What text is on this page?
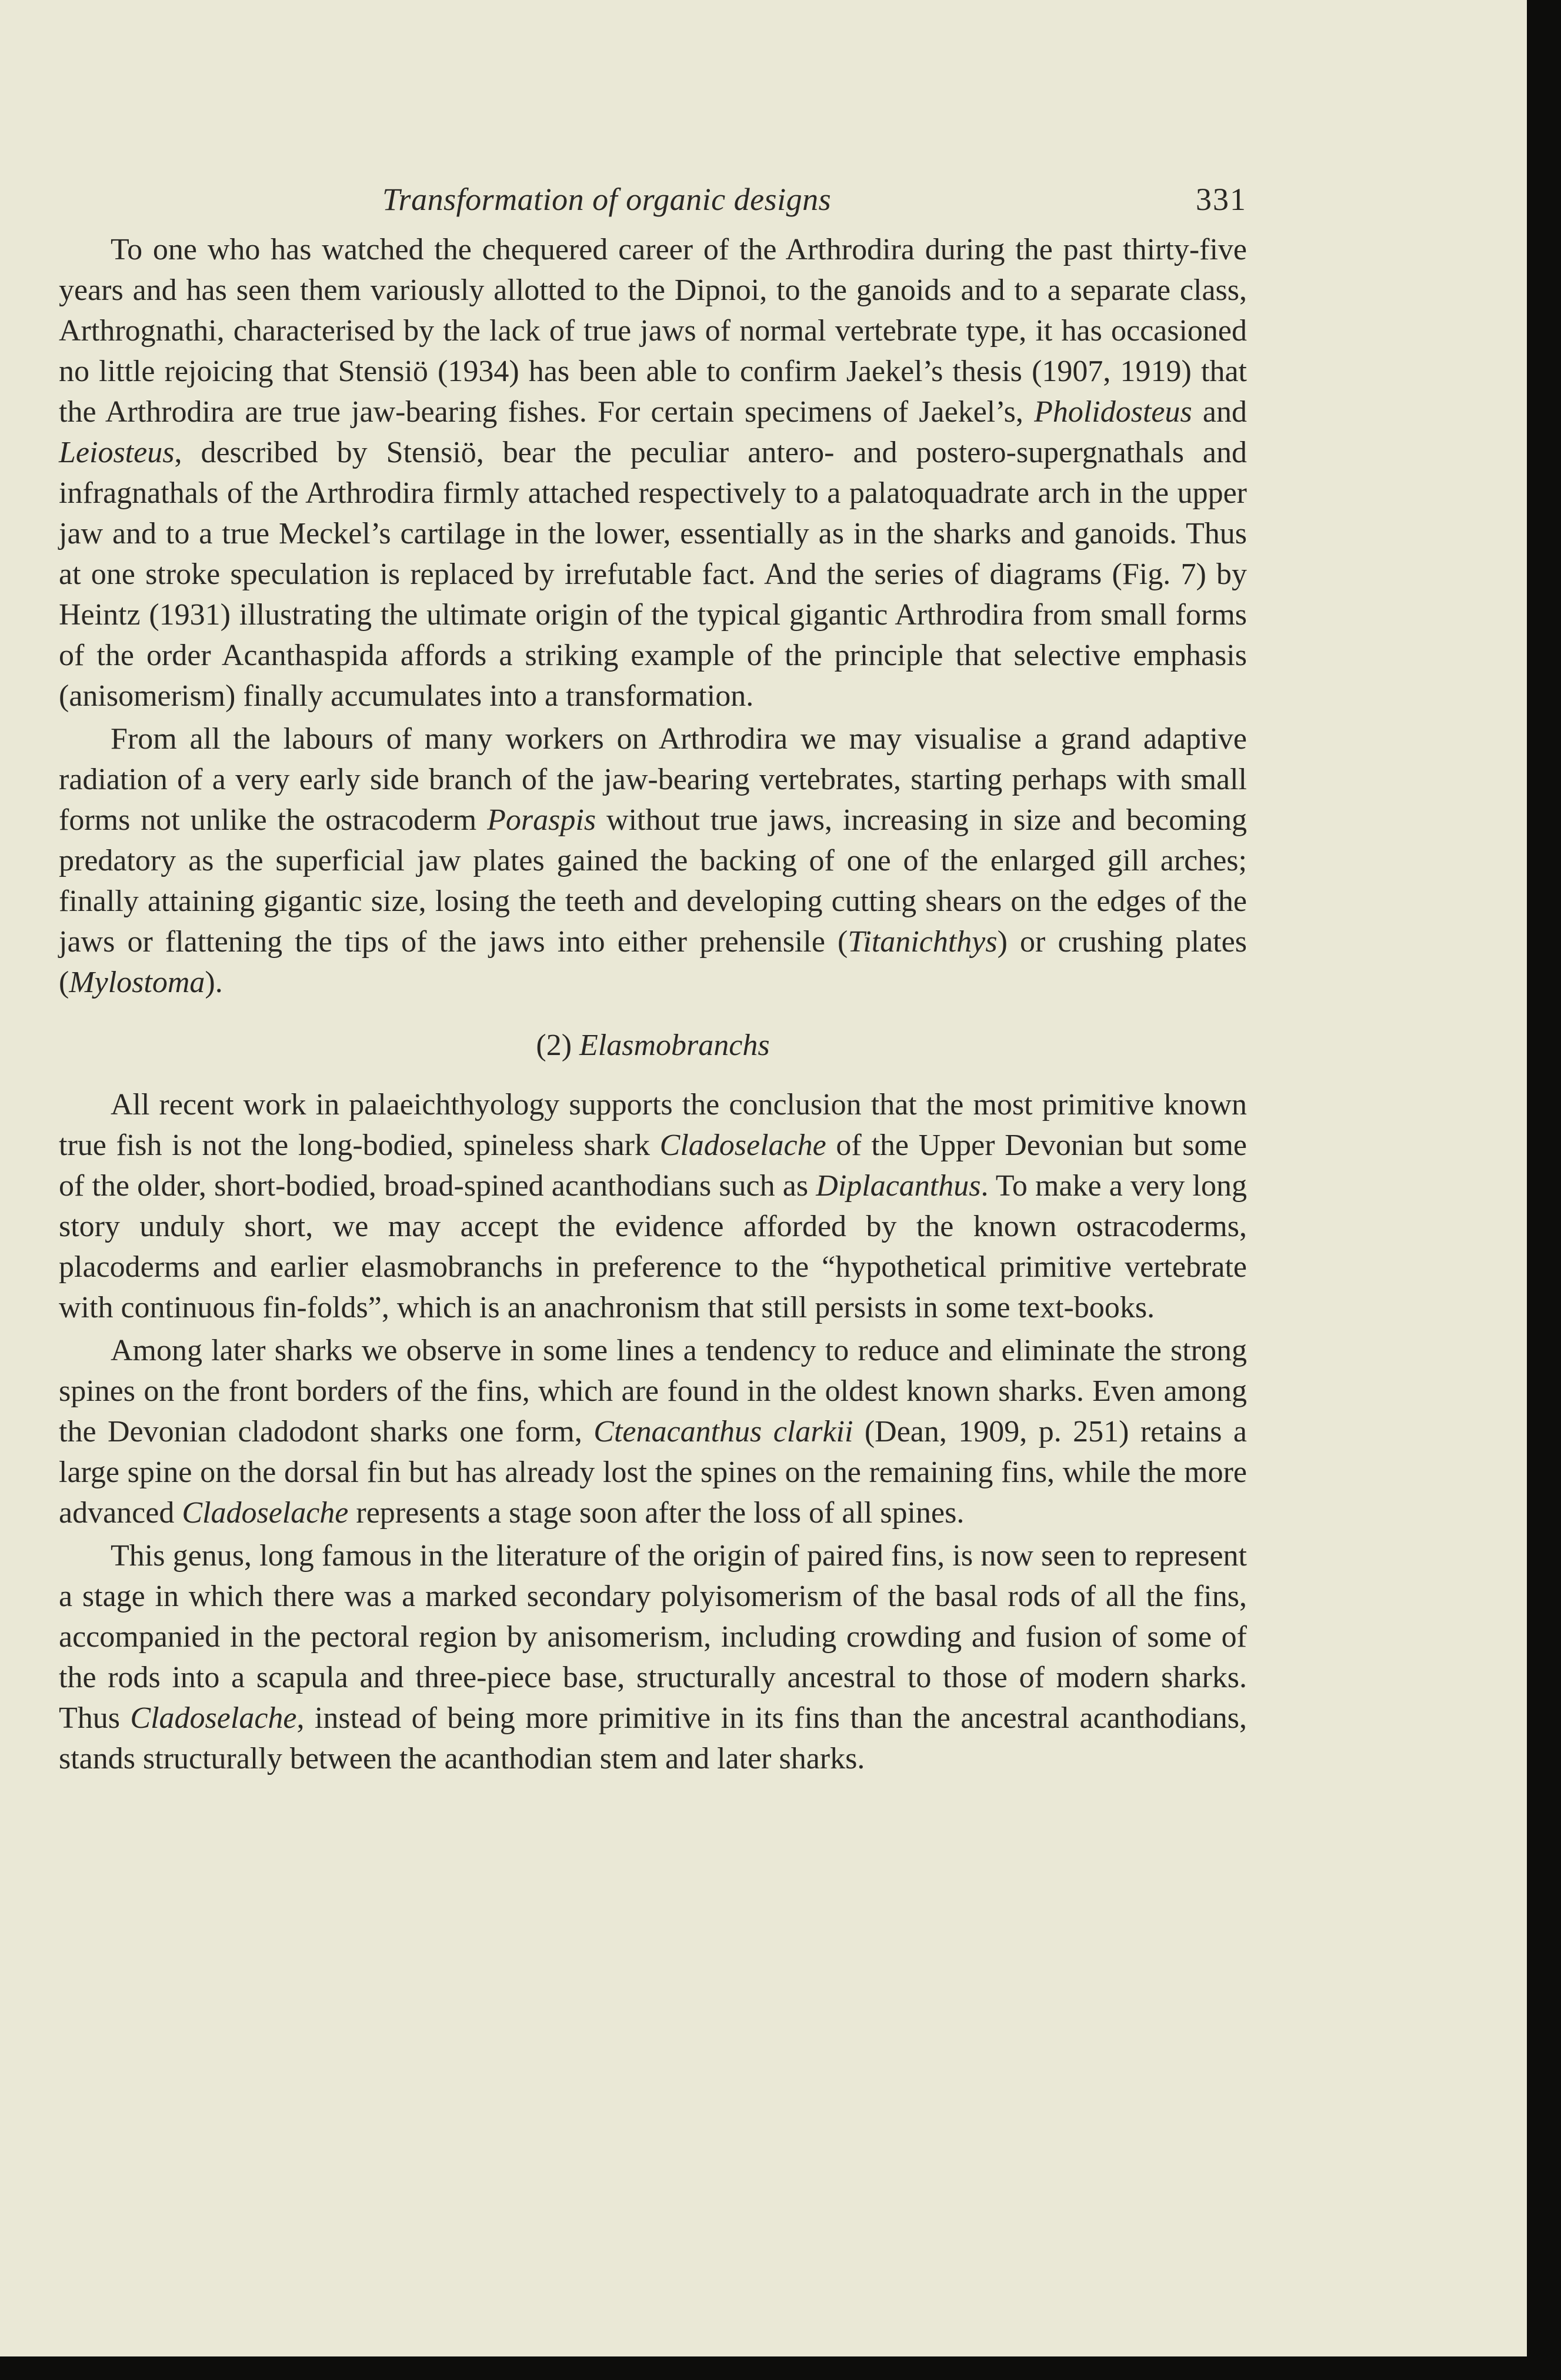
Transformation of organic designs	331

To one who has watched the chequered career of the Arthrodira during the past thirty-five years and has seen them variously allotted to the Dipnoi, to the ganoids and to a separate class, Arthrognathi, characterised by the lack of true jaws of normal vertebrate type, it has occasioned no little rejoicing that Stensiö (1934) has been able to confirm Jaekel’s thesis (1907, 1919) that the Arthrodira are true jaw-bearing fishes. For certain specimens of Jaekel’s, Pholidosteus and Leiosteus, described by Stensiö, bear the peculiar antero- and postero-supergnathals and infragnathals of the Arthrodira firmly attached respectively to a palatoquadrate arch in the upper jaw and to a true Meckel’s cartilage in the lower, essentially as in the sharks and ganoids. Thus at one stroke speculation is replaced by irrefutable fact. And the series of diagrams (Fig. 7) by Heintz (1931) illustrating the ultimate origin of the typical gigantic Arthrodira from small forms of the order Acanthaspida affords a striking example of the principle that selective emphasis (anisomerism) finally accumulates into a transformation.

From all the labours of many workers on Arthrodira we may visualise a grand adaptive radiation of a very early side branch of the jaw-bearing vertebrates, starting perhaps with small forms not unlike the ostracoderm Poraspis without true jaws, increasing in size and becoming predatory as the superficial jaw plates gained the backing of one of the enlarged gill arches; finally attaining gigantic size, losing the teeth and developing cutting shears on the edges of the jaws or flattening the tips of the jaws into either prehensile (Titanichthys) or crushing plates (Mylostoma).

(2) Elasmobranchs

All recent work in palaeichthyology supports the conclusion that the most primitive known true fish is not the long-bodied, spineless shark Cladoselache of the Upper Devonian but some of the older, short-bodied, broad-spined acanthodians such as Diplacanthus. To make a very long story unduly short, we may accept the evidence afforded by the known ostracoderms, placoderms and earlier elasmobranchs in preference to the “hypothetical primitive vertebrate with continuous fin-folds”, which is an anachronism that still persists in some text-books.

Among later sharks we observe in some lines a tendency to reduce and eliminate the strong spines on the front borders of the fins, which are found in the oldest known sharks. Even among the Devonian cladodont sharks one form, Ctenacanthus clarkii (Dean, 1909, p. 251) retains a large spine on the dorsal fin but has already lost the spines on the remaining fins, while the more advanced Cladoselache represents a stage soon after the loss of all spines.

This genus, long famous in the literature of the origin of paired fins, is now seen to represent a stage in which there was a marked secondary polyisomerism of the basal rods of all the fins, accompanied in the pectoral region by anisomerism, including crowding and fusion of some of the rods into a scapula and three-piece base, structurally ancestral to those of modern sharks. Thus Cladoselache, instead of being more primitive in its fins than the ancestral acanthodians, stands structurally between the acanthodian stem and later sharks.
